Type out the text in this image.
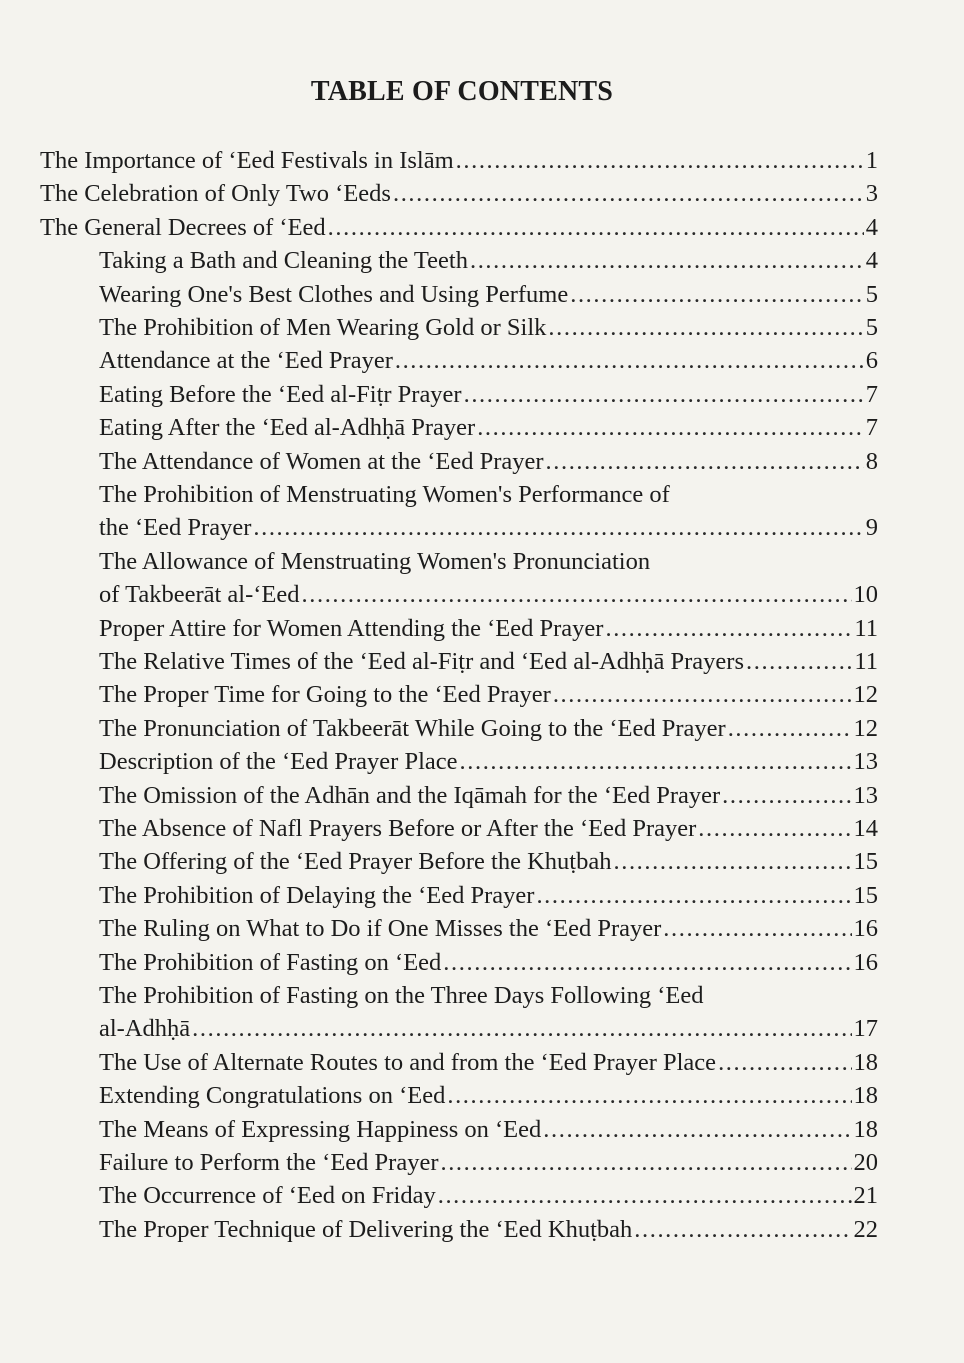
TABLE OF CONTENTS
The Importance of ‘Eed Festivals in Islām .....	1
The Celebration of Only Two ‘Eeds .....	3
The General Decrees of ‘Eed .....	4
Taking a Bath and Cleaning the Teeth .....	4
Wearing One's Best Clothes and Using Perfume .....	5
The Prohibition of Men Wearing Gold or Silk .....	5
Attendance at the ‘Eed Prayer .....	6
Eating Before the ‘Eed al-Fiṭr Prayer .....	7
Eating After the ‘Eed al-Adhḥā Prayer .....	7
The Attendance of Women at the ‘Eed Prayer .....	8
The Prohibition of Menstruating Women's Performance of
the ‘Eed Prayer .....	9
The Allowance of Menstruating Women's Pronunciation
of Takbeerāt al-‘Eed .....	10
Proper Attire for Women Attending the ‘Eed Prayer .....	11
The Relative Times of the ‘Eed al-Fiṭr and ‘Eed al-Adhḥā Prayers .....	11
The Proper Time for Going to the ‘Eed Prayer .....	12
The Pronunciation of Takbeerāt While Going to the ‘Eed Prayer .....	12
Description of the ‘Eed Prayer Place .....	13
The Omission of the Adhān and the Iqāmah for the ‘Eed Prayer .....	13
The Absence of Nafl Prayers Before or After the ‘Eed Prayer .....	14
The Offering of the ‘Eed Prayer Before the Khuṭbah .....	15
The Prohibition of Delaying the ‘Eed Prayer .....	15
The Ruling on What to Do if One Misses the ‘Eed Prayer .....	16
The Prohibition of Fasting on ‘Eed .....	16
The Prohibition of Fasting on the Three Days Following ‘Eed
al-Adhḥā .....	17
The Use of Alternate Routes to and from the ‘Eed Prayer Place .....	18
Extending Congratulations on ‘Eed .....	18
The Means of Expressing Happiness on ‘Eed .....	18
Failure to Perform the ‘Eed Prayer .....	20
The Occurrence of ‘Eed on Friday .....	21
The Proper Technique of Delivering the ‘Eed Khuṭbah .....	22
